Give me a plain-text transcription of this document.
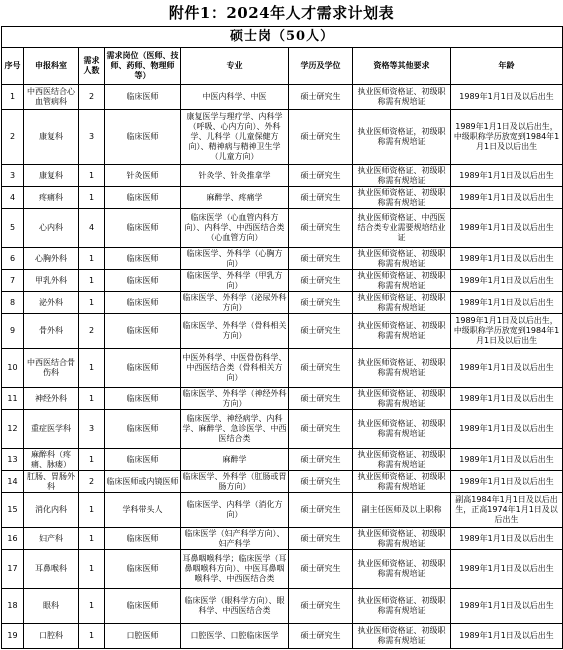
附件1：2024年人才需求计划表
硕士岗（50人）							
序号	申报科室	需求人数	需求岗位（医师、技师、药师、物理师等）	专业	学历及学位	资格等其他要求	年龄
1	中西医结合心血管病科	2	临床医师	中医内科学、中医	硕士研究生	执业医师资格证、初级职称需有规培证	1989年1月1日及以后出生
2	康复科	3	临床医师	康复医学与理疗学、内科学（呼吸、心内方向）、外科学、儿科学（儿童保健方向）、精神病与精神卫生学（儿童方向）	硕士研究生	执业医师资格证，初级职称需有规培证	1989年1月1日及以后出生，中级职称学历放宽到1984年1月1日及以后出生
3	康复科	1	针灸医师	针灸学、针灸推拿学	硕士研究生	执业医师资格证、初级职称需有规培证	1989年1月1日及以后出生
4	疼痛科	1	临床医师	麻醉学、疼痛学	硕士研究生	执业医师资格证、初级职称需有规培证	1989年1月1日及以后出生
5	心内科	4	临床医师	临床医学（心血管内科方向）、内科学、中西医结合类（心血管方向）	硕士研究生	执业医师资格证、中西医结合类专业需要规培结业证	1989年1月1日及以后出生
6	心胸外科	1	临床医师	临床医学、外科学（心胸方向）	硕士研究生	执业医师资格证、初级职称需有规培证	1989年1月1日及以后出生
7	甲乳外科	1	临床医师	临床医学、外科学（甲乳方向）	硕士研究生	执业医师资格证、初级职称需有规培证	1989年1月1日及以后出生
8	泌外科	1	临床医师	临床医学、外科学（泌尿外科方向）	硕士研究生	执业医师资格证、初级职称需有规培证	1989年1月1日及以后出生
9	骨外科	2	临床医师	临床医学、外科学（骨科相关方向）	硕士研究生	执业医师资格证、初级职称需有规培证	1989年1月1日及以后出生，中级职称学历放宽到1984年1月1日及以后出生
10	中西医结合骨伤科	1	临床医师	中医外科学、中医骨伤科学、中西医结合类（骨科相关方向）	硕士研究生	执业医师资格证、初级职称需有规培证	1989年1月1日及以后出生
11	神经外科	1	临床医师	临床医学、外科学（神经外科方向）	硕士研究生	执业医师资格证、初级职称需有规培证	1989年1月1日及以后出生
12	重症医学科	3	临床医师	临床医学、神经病学、内科学、麻醉学、急诊医学、中西医结合类	硕士研究生	执业医师资格证、初级职称需有规培证	1989年1月1日及以后出生
13	麻醉科（疼痛、脉瘘）	1	临床医师	麻醉学	硕士研究生	执业医师资格证、初级职称需有规培证	1989年1月1日及以后出生
14	肛肠、胃肠外科	2	临床医师或内镜医师	临床医学、外科学（肛肠或胃肠方向）	硕士研究生	执业医师资格证、初级职称需有规培证	1989年1月1日及以后出生
15	消化内科	1	学科带头人	临床医学、内科学（消化方向）	硕士研究生	副主任医师及以上职称	副高1984年1月1日及以后出生，正高1974年1月1日及以后出生
16	妇产科	1	临床医师	临床医学（妇产科学方向）、妇产科学	硕士研究生	执业医师资格证、初级职称需有规培证	1989年1月1日及以后出生
17	耳鼻喉科	1	临床医师	耳鼻咽喉科学；临床医学（耳鼻咽喉科方向）、中医耳鼻咽喉科学、中西医结合类	硕士研究生	执业医师资格证、初级职称需有规培证	1989年1月1日及以后出生
18	眼科	1	临床医师	临床医学（眼科学方向）、眼科学、中西医结合类	硕士研究生	执业医师资格证、初级职称需有规培证	1989年1月1日及以后出生
19	口腔科	1	口腔医师	口腔医学、口腔临床医学	硕士研究生	执业医师资格证、初级职称需有规培证	1989年1月1日及以后出生
